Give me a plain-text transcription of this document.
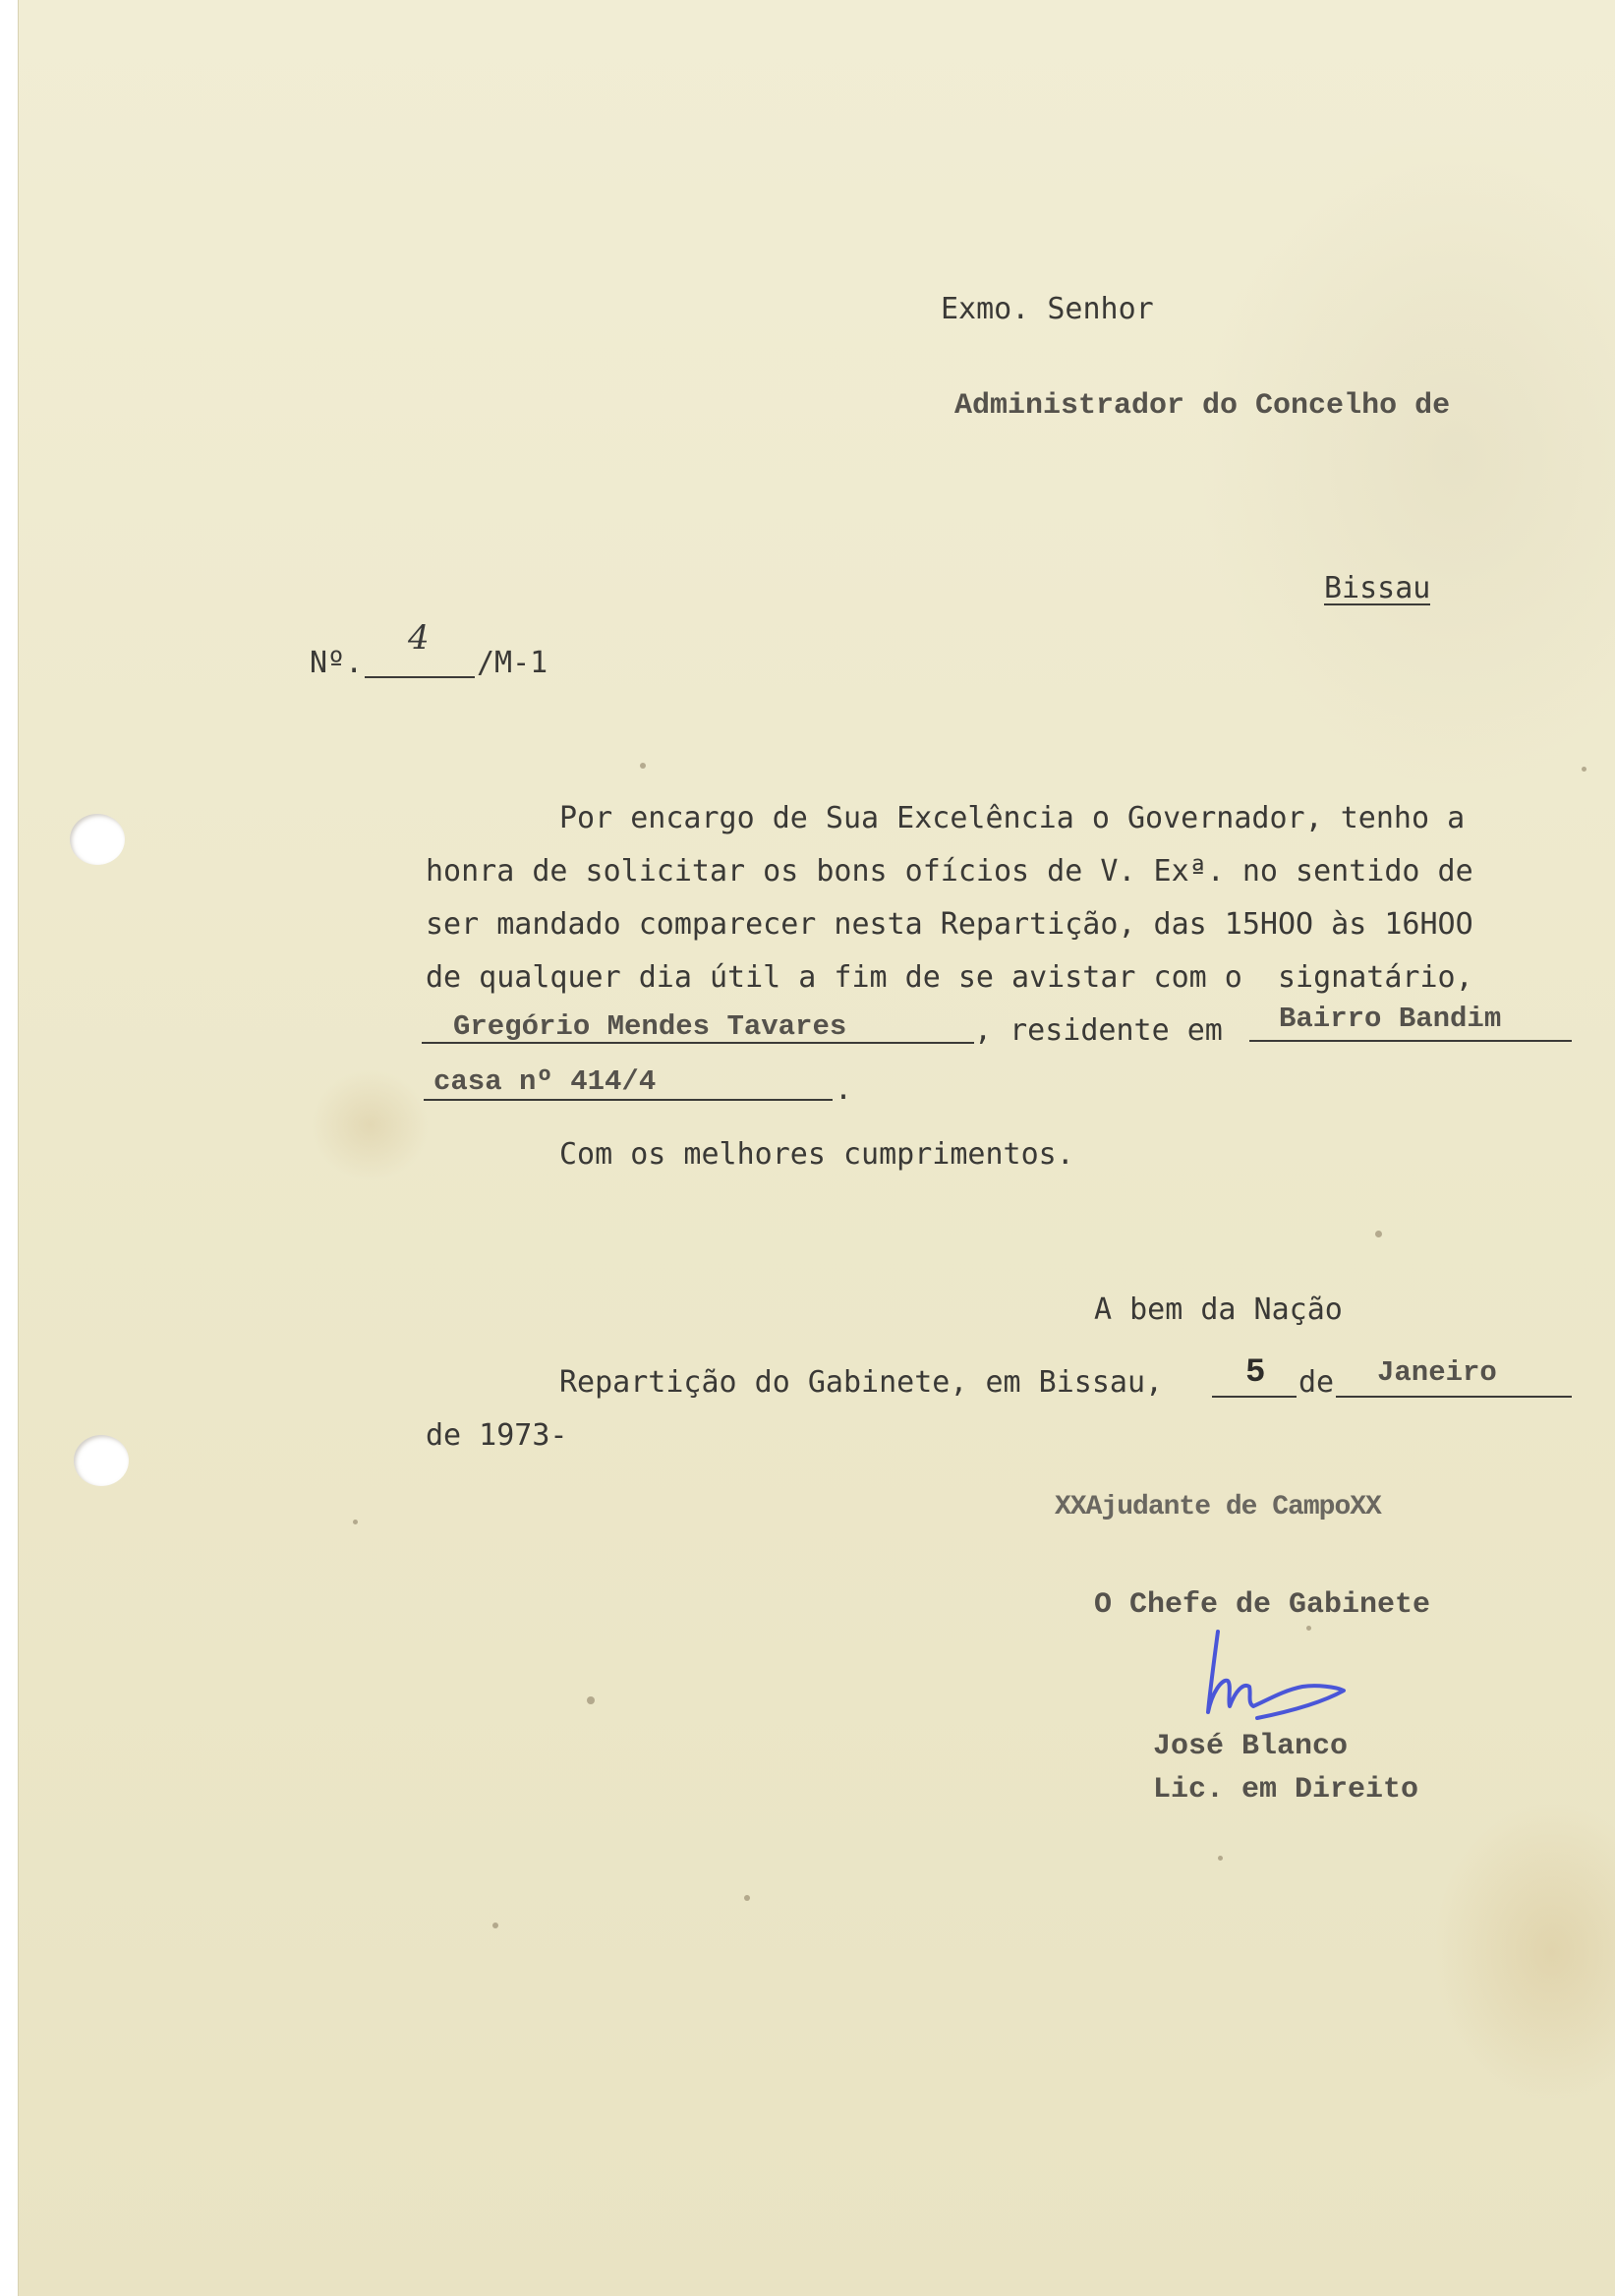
Exmo. Senhor
Administrador do Concelho de
Bissau
Nº.
4
/M-1
Por encargo de Sua Excelência o Governador, tenho a
honra de solicitar os bons ofícios de V. Exª. no sentido de
ser mandado comparecer nesta Repartição, das 15HOO às 16HOO
de qualquer dia útil a fim de se avistar com o  signatário,
Gregório Mendes Tavares	, residente em Bairro Bandim
casa nº 414/4	.
Com os melhores cumprimentos.
A bem da Nação
Repartição do Gabinete, em Bissau, 5 de Janeiro
de 1973-
XXAjudante de CampoXX
O Chefe de Gabinete
José Blanco
Lic. em Direito
